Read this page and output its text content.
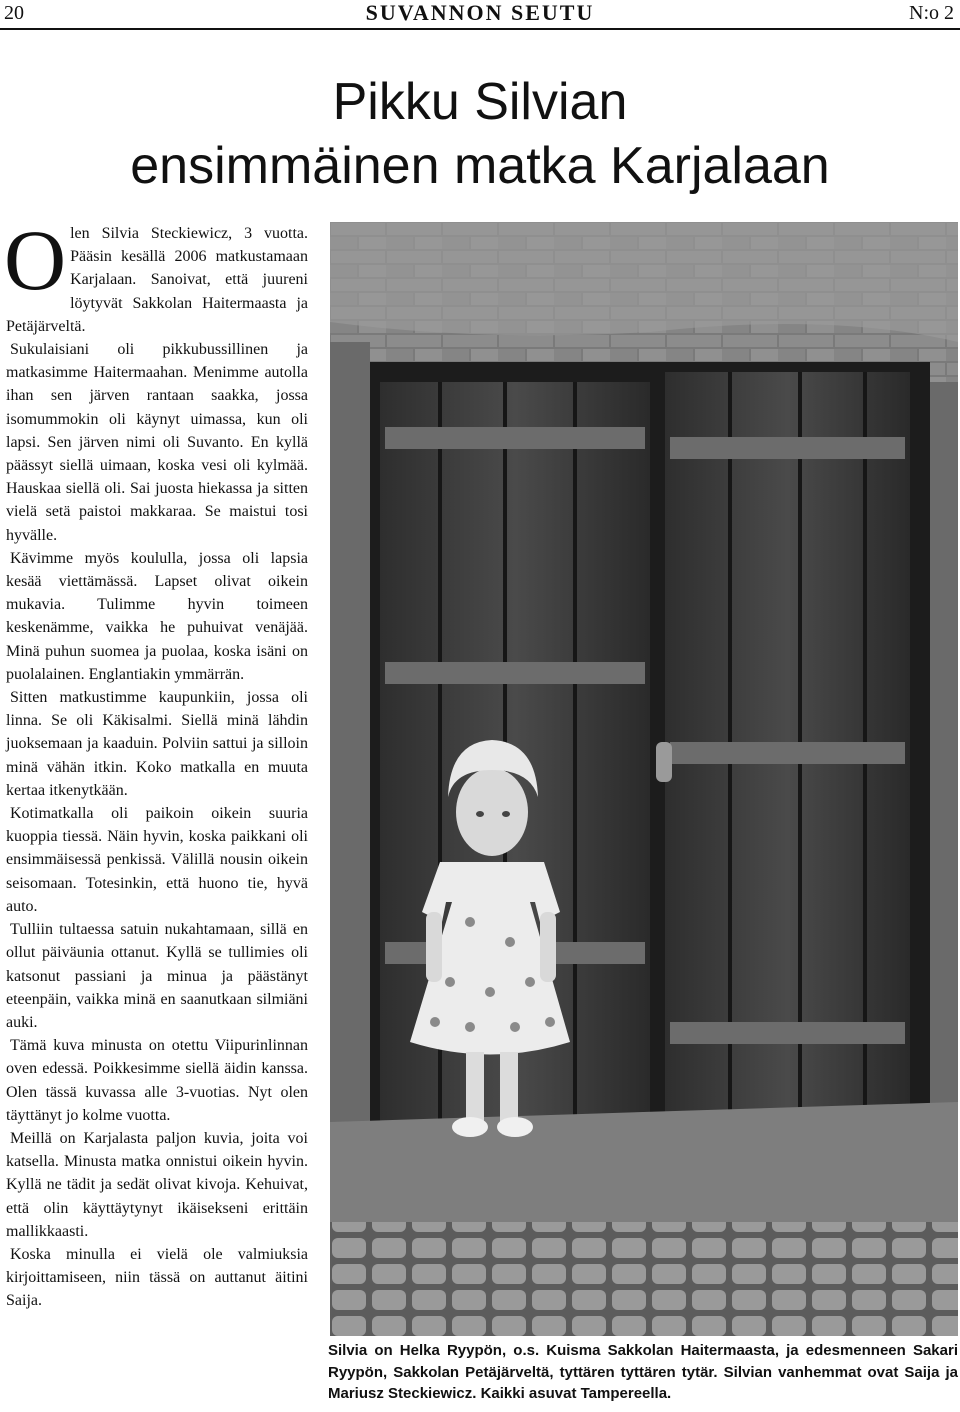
20	SUVANNON SEUTU	N:o 2
Pikku Silvian
ensimmäinen matka Karjalaan

Olen Silvia Steckiewicz, 3 vuotta. Pääsin kesällä 2006 matkustamaan Karjalaan. Sanoivat, että juureni löytyvät Sakkolan Haitermaasta ja Petäjärveltä.

Sukulaisiani oli pikkubussillinen ja matkasimme Haitermaahan. Menimme autolla ihan sen järven rantaan saakka, jossa isomummokin oli käynyt uimassa, kun oli lapsi. Sen järven nimi oli Suvanto. En kyllä päässyt siellä uimaan, koska vesi oli kylmää. Hauskaa siellä oli. Sai juosta hiekassa ja sitten vielä setä paistoi makkaraa. Se maistui tosi hyvälle.

Kävimme myös koululla, jossa oli lapsia kesää viettämässä. Lapset olivat oikein mukavia. Tulimme hyvin toimeen keskenämme, vaikka he puhuivat venäjää. Minä puhun suomea ja puolaa, koska isäni on puolalainen. Englantiakin ymmärrän.

Sitten matkustimme kaupunkiin, jossa oli linna. Se oli Käkisalmi. Siellä minä lähdin juoksemaan ja kaaduin. Polviin sattui ja silloin minä vähän itkin. Koko matkalla en muuta kertaa itkenytkään.

Kotimatkalla oli paikoin oikein suuria kuoppia tiessä. Näin hyvin, koska paikkani oli ensimmäisessä penkissä. Välillä nousin oikein seisomaan. Totesinkin, että huono tie, hyvä auto.

Tulliin tultaessa satuin nukahtamaan, sillä en ollut päiväunia ottanut. Kyllä se tullimies oli katsonut passiani ja minua ja päästänyt eteenpäin, vaikka minä en saanutkaan silmiäni auki.

Tämä kuva minusta on otettu Viipurinlinnan oven edessä. Poikkesimme siellä äidin kanssa. Olen tässä kuvassa alle 3-vuotias. Nyt olen täyttänyt jo kolme vuotta.

Meillä on Karjalasta paljon kuvia, joita voi katsella. Minusta matka onnistui oikein hyvin. Kyllä ne tädit ja sedät olivat kivoja. Kehuivat, että olin käyttäytynyt ikäisekseni erittäin mallikkaasti.

Koska minulla ei vielä ole valmiuksia kirjoittamiseen, niin tässä on auttanut äitini Saija.

Silvia on Helka Ryypön, o.s. Kuisma Sakkolan Haitermaasta, ja edesmenneen Sakari Ryypön, Sakkolan Petäjärveltä, tyttären tyttären tytär. Silvian vanhemmat ovat Saija ja Mariusz Steckiewicz. Kaikki asuvat Tampereella.
